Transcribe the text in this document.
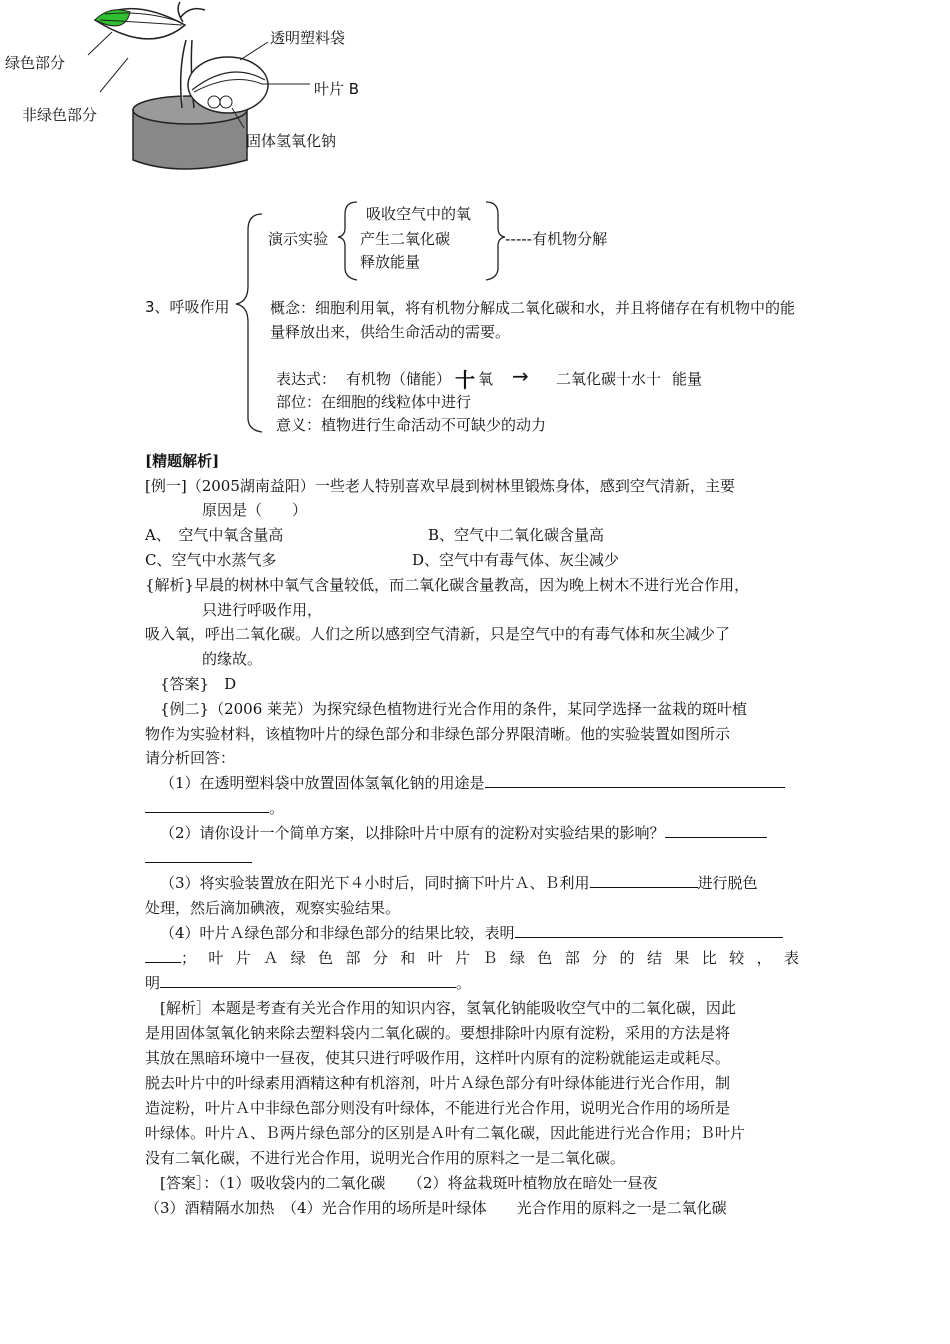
绿色部分
非绿色部分
透明塑料袋
叶片 B
固体氢氧化钠
3、呼吸作用
演示实验
吸收空气中的氧
产生二氧化碳
释放能量
-----有机物分解
概念：细胞利用氧，将有机物分解成二氧化碳和水，并且将储存在有机物中的能
量释放出来，供给生命活动的需要。
表达式： 有机物（储能） 十 氧 → 二氧化碳十水十 能量
部位：在细胞的线粒体中进行
意义：植物进行生命活动不可缺少的动力
[精题解析]
[例一]（2005湖南益阳）一些老人特别喜欢早晨到树林里锻炼身体，感到空气清新，主要
原因是（　　）
A、　空气中氧含量高	B、空气中二氧化碳含量高
C、空气中水蒸气多	D、空气中有毒气体、灰尘减少
{解析}早晨的树林中氧气含量较低，而二氧化碳含量教高，因为晚上树木不进行光合作用，
只进行呼吸作用，
吸入氧，呼出二氧化碳。人们之所以感到空气清新，只是空气中的有毒气体和灰尘减少了
的缘故。
{答案}　D
{例二}（2006 莱芜）为探究绿色植物进行光合作用的条件，某同学选择一盆栽的斑叶植
物作为实验材料，该植物叶片的绿色部分和非绿色部分界限清晰。他的实验装置如图所示
请分析回答：
（1）在透明塑料袋中放置固体氢氧化钠的用途是
。
（2）请你设计一个简单方案，以排除叶片中原有的淀粉对实验结果的影响？
（3）将实验装置放在阳光下４小时后，同时摘下叶片Ａ、Ｂ利用	进行脱色
处理，然后滴加碘液，观察实验结果。
（4）叶片Ａ绿色部分和非绿色部分的结果比较，表明
；叶片Ａ绿色部分和叶片Ｂ绿色部分的结果比较，表
明	。
[解析］本题是考查有关光合作用的知识内容，氢氧化钠能吸收空气中的二氧化碳，因此
是用固体氢氧化钠来除去塑料袋内二氧化碳的。要想排除叶内原有淀粉，采用的方法是将
其放在黑暗环境中一昼夜，使其只进行呼吸作用，这样叶内原有的淀粉就能运走或耗尽。
脱去叶片中的叶绿素用酒精这种有机溶剂，叶片Ａ绿色部分有叶绿体能进行光合作用，制
造淀粉，叶片Ａ中非绿色部分则没有叶绿体，不能进行光合作用，说明光合作用的场所是
叶绿体。叶片Ａ、Ｂ两片绿色部分的区别是Ａ叶有二氧化碳，因此能进行光合作用；Ｂ叶片
没有二氧化碳，不进行光合作用，说明光合作用的原料之一是二氧化碳。
[答案］：（1）吸收袋内的二氧化碳　　（2）将盆栽斑叶植物放在暗处一昼夜
（3）酒精隔水加热　（4）光合作用的场所是叶绿体　　光合作用的原料之一是二氧化碳
